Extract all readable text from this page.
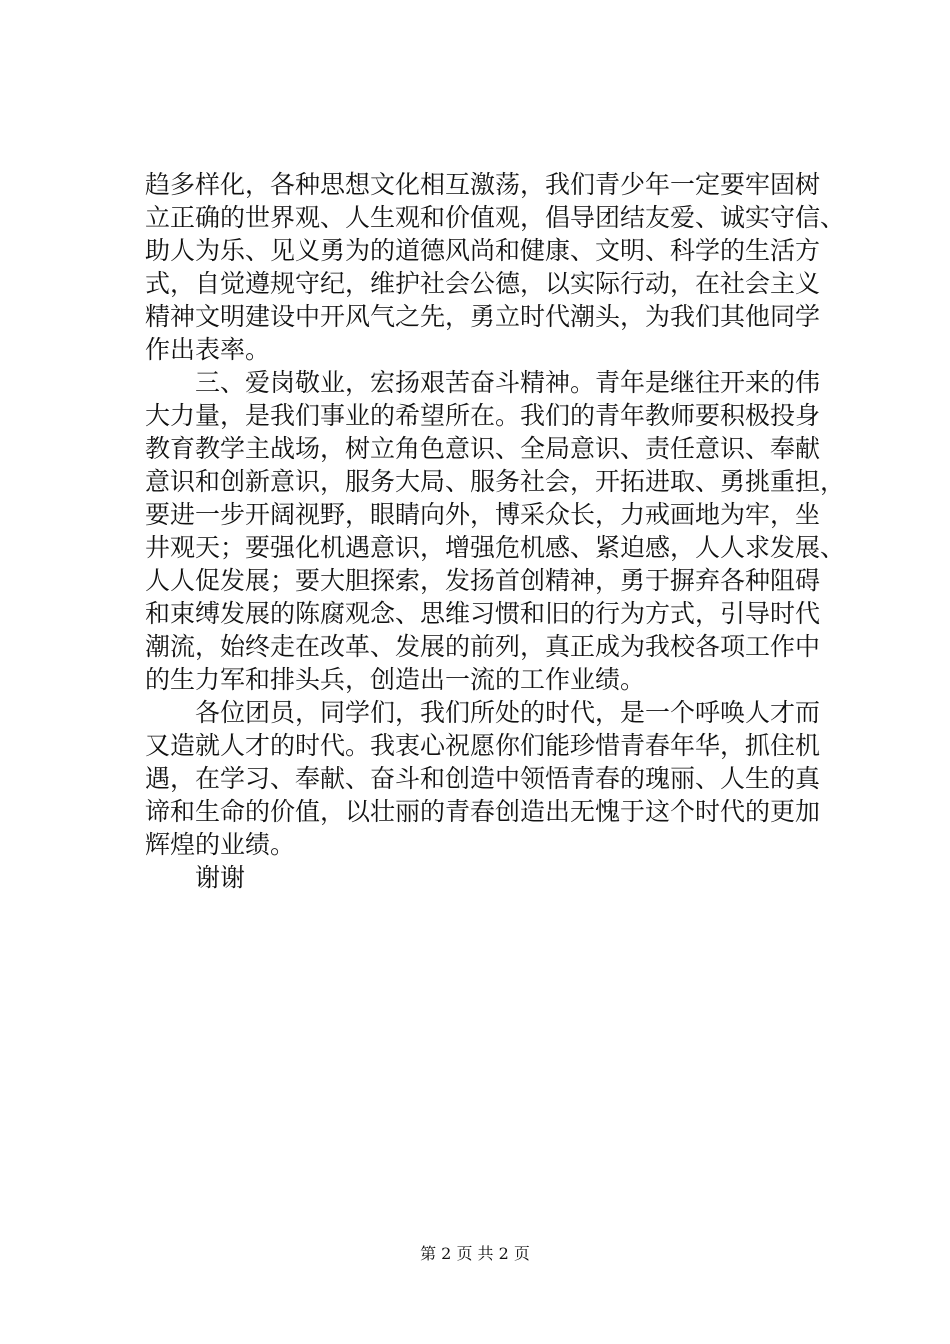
趋多样化，各种思想文化相互激荡，我们青少年一定要牢固树
立正确的世界观、人生观和价值观，倡导团结友爱、诚实守信、
助人为乐、见义勇为的道德风尚和健康、文明、科学的生活方
式，自觉遵规守纪，维护社会公德，以实际行动，在社会主义
精神文明建设中开风气之先，勇立时代潮头，为我们其他同学
作出表率。
　　三、爱岗敬业，宏扬艰苦奋斗精神。青年是继往开来的伟
大力量，是我们事业的希望所在。我们的青年教师要积极投身
教育教学主战场，树立角色意识、全局意识、责任意识、奉献
意识和创新意识，服务大局、服务社会，开拓进取、勇挑重担，
要进一步开阔视野，眼睛向外，博采众长，力戒画地为牢，坐
井观天；要强化机遇意识，增强危机感、紧迫感，人人求发展、
人人促发展；要大胆探索，发扬首创精神，勇于摒弃各种阻碍
和束缚发展的陈腐观念、思维习惯和旧的行为方式，引导时代
潮流，始终走在改革、发展的前列，真正成为我校各项工作中
的生力军和排头兵，创造出一流的工作业绩。
　　各位团员，同学们，我们所处的时代，是一个呼唤人才而
又造就人才的时代。我衷心祝愿你们能珍惜青春年华，抓住机
遇，在学习、奉献、奋斗和创造中领悟青春的瑰丽、人生的真
谛和生命的价值，以壮丽的青春创造出无愧于这个时代的更加
辉煌的业绩。
　　谢谢
第 2 页 共 2 页
